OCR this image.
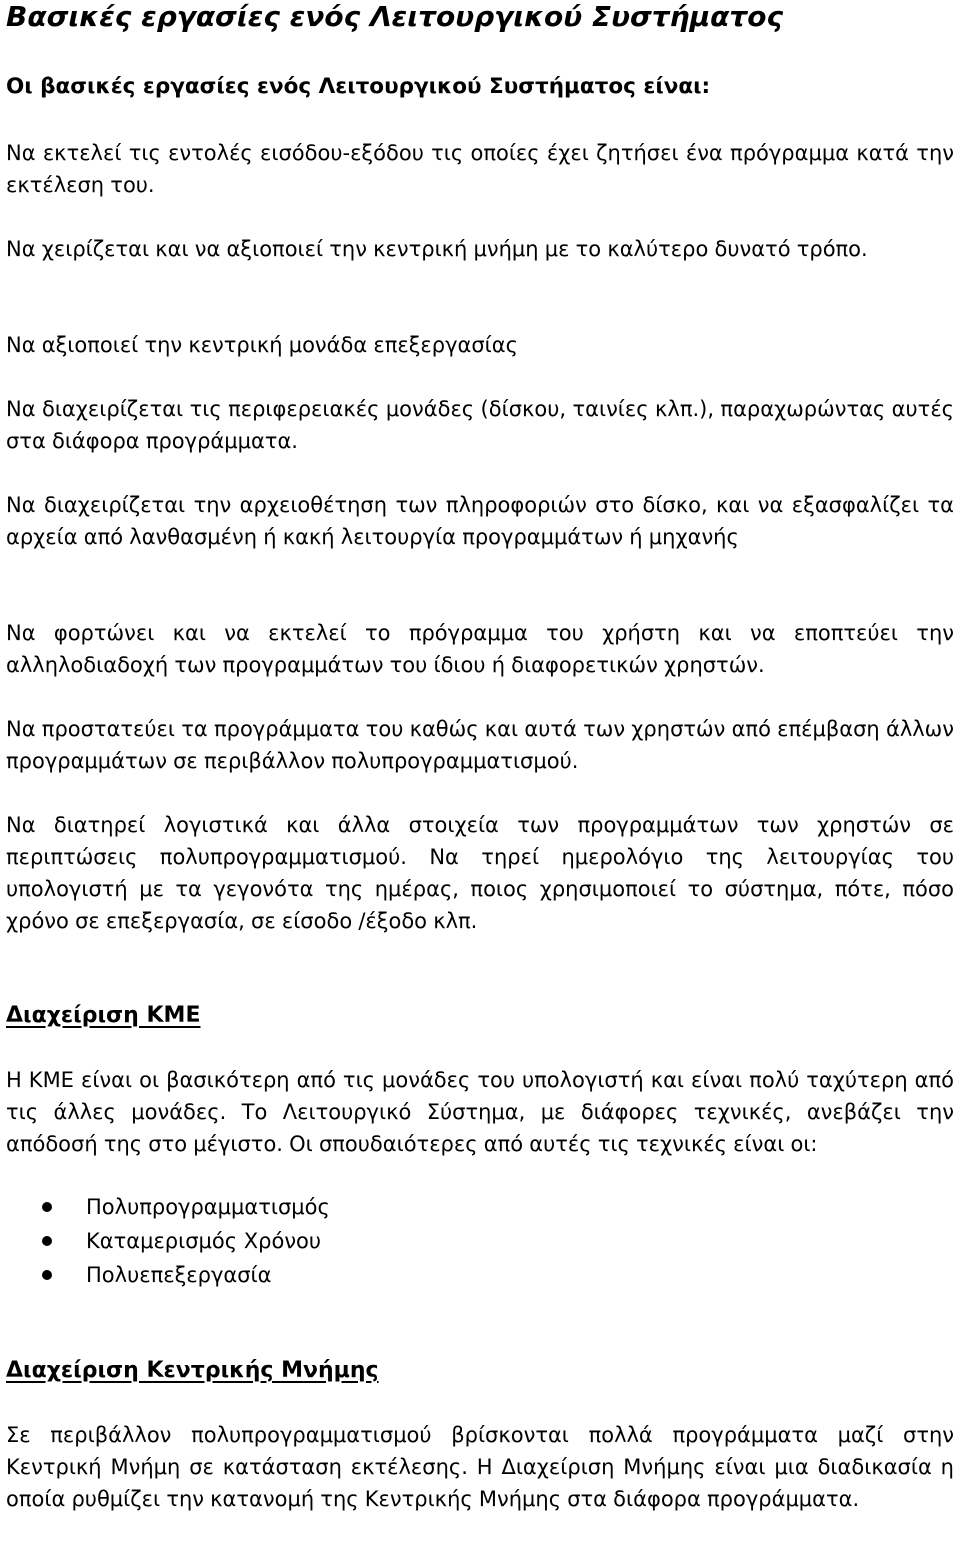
Βασικές εργασίες ενός Λειτουργικού Συστήματος

Οι βασικές εργασίες ενός Λειτουργικού Συστήματος είναι:

Να εκτελεί τις εντολές εισόδου-εξόδου τις οποίες έχει ζητήσει ένα πρόγραμμα κατά την εκτέλεση του.

Να χειρίζεται και να αξιοποιεί την κεντρική μνήμη με το καλύτερο δυνατό τρόπο.

Να αξιοποιεί την κεντρική μονάδα επεξεργασίας

Να διαχειρίζεται τις περιφερειακές μονάδες (δίσκου, ταινίες κλπ.), παραχωρώντας αυτές στα διάφορα προγράμματα.

Να διαχειρίζεται την αρχειοθέτηση των πληροφοριών στο δίσκο, και να εξασφαλίζει τα αρχεία από λανθασμένη ή κακή λειτουργία προγραμμάτων ή μηχανής

Να φορτώνει και να εκτελεί το πρόγραμμα του χρήστη και να εποπτεύει την αλληλοδιαδοχή των προγραμμάτων του ίδιου ή διαφορετικών χρηστών.

Να προστατεύει τα προγράμματα του καθώς και αυτά των χρηστών από επέμβαση άλλων προγραμμάτων σε περιβάλλον πολυπρογραμματισμού.

Να διατηρεί λογιστικά και άλλα στοιχεία των προγραμμάτων των χρηστών σε περιπτώσεις πολυπρογραμματισμού. Να τηρεί ημερολόγιο της λειτουργίας του υπολογιστή με τα γεγονότα της ημέρας, ποιος χρησιμοποιεί το σύστημα, πότε, πόσο χρόνο σε επεξεργασία, σε είσοδο /έξοδο κλπ.

Διαχείριση ΚΜΕ

Η ΚΜΕ είναι οι βασικότερη από τις μονάδες του υπολογιστή και είναι πολύ ταχύτερη από τις άλλες μονάδες. Το Λειτουργικό Σύστημα, με διάφορες τεχνικές, ανεβάζει την απόδοσή της στο μέγιστο. Οι σπουδαιότερες από αυτές τις τεχνικές είναι οι:

Πολυπρογραμματισμός
Καταμερισμός Χρόνου
Πολυεπεξεργασία
Διαχείριση Κεντρικής Μνήμης

Σε περιβάλλον πολυπρογραμματισμού βρίσκονται πολλά προγράμματα μαζί στην Κεντρική Μνήμη σε κατάσταση εκτέλεσης. Η Διαχείριση Μνήμης είναι μια διαδικασία η οποία ρυθμίζει την κατανομή της Κεντρικής Μνήμης στα διάφορα προγράμματα.
